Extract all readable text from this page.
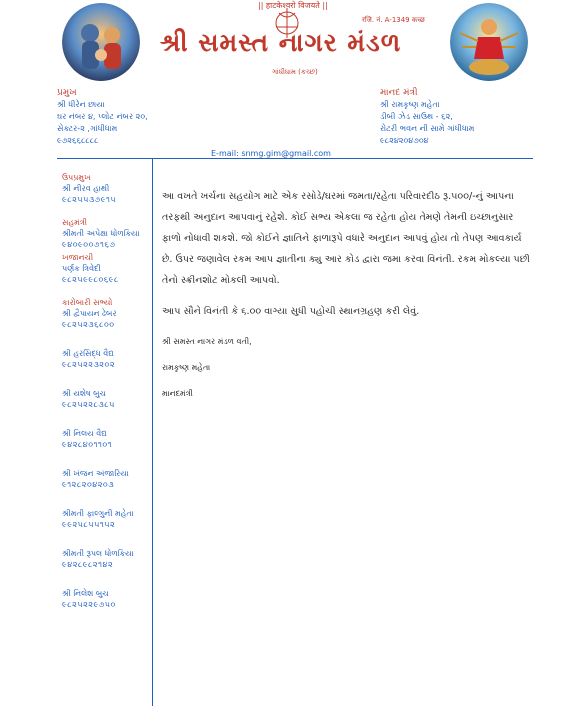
|| हाटकेश्वरो विजयते ||
रजि. नं. A-1349 कच्छ
શ્રી સમસ્ત નાગર મંડળ
ગાંધીધામ (કચ્છ)
પ્રમુખ
શ્રી ધીરેન છાયા
ઘર નંબર ૪, પ્લોટ નંબર ૨૦,
સેક્ટર-૨ ,ગાંધીધામ
૯૭૨૬૬૮૮૮૮
માનદ મંત્રી
શ્રી રામકૃષ્ણ મહેતા
ડીબી ઝેડ સાઉથ - ૬૨,
રોટરી ભવન ની સામે ગાંધીધામ
૯૮૨૪૨૦૪૭૦૪
E-mail: snmg.gim@gmail.com
ઉપપ્રમુખ
શ્રી નીરવ હાથી
૯૮૨૫૫૩૭૯૧૫
સહમંત્રી
શ્રીમતી અપેક્ષા ધોળકિયા
૯૪૦૯૦૦૭૧૬૭
ખજાનચી
પર્ણક ત્રિવેદી
૯૮૨૫૯૯૮૦૬૯૮
કારોબારી સભ્યો
શ્રી દ્વૈપાયન ઢેબર
૯૮૨૫૨૩૬૮૦૦
શ્રી હરસિદ્ધ વૈદ્ય
૯૮૨૫૨૨૩૨૦૨
શ્રી યશેષ બુચ
૯૮૨૫૨૨૮૩૮૫
શ્રી નિલય વૈદ્ય
૯૪૨૮૪૦૧૧૦૧
શ્રી ખંજન અંજારિયા
૯૧૨૮૨૦૪૨૦૩
શ્રીમતી ફાલ્ગુની મહેતા
૯૯૨૫૮૫૫૧૫૨
શ્રીમતી રૂપલ ધોળકિયા
૯૪૨૮૯૮૨૧૪૨
શ્રી નિલેશ બુચ
૯૮૨૫૨૨૯૭૫૦

આ વખતે ખર્ચના સહયોગ માટે એક રસોડે/ઘરમાં જમતા/રહેતા પરિવારદીઠ રૂ.૫૦૦/-નું આપના તરફથી અનુદાન આપવાનું રહેશે. કોઈ સભ્ય એકલા જ રહેતા હોય તેમણે તેમની ઇચ્છાનુસાર ફાળો નોધાવી શકશે. જો કોઈને જ્ઞાતિને ફાળારૂપે વધારે અનુદાન આપવું હોય તો તેપણ આવકાર્ય છે. ઉપર જણાવેલ રકમ આપ જ્ઞાતીના ક્યુ આર કોડ દ્વારા જમા કરવા વિનંતી. રકમ મોકલ્યા પછી તેનો સ્ક્રીનશોટ મોકલી આપવો.

આપ સૌને વિનંતી કે ૬.૦૦ વાગ્યા સુધી પહોચી સ્થાનગ્રહણ કરી લેવું.

શ્રી સમસ્ત નાગર મંડળ વતી,

રામકૃષ્ણ મહેતા

માનદમંત્રી
